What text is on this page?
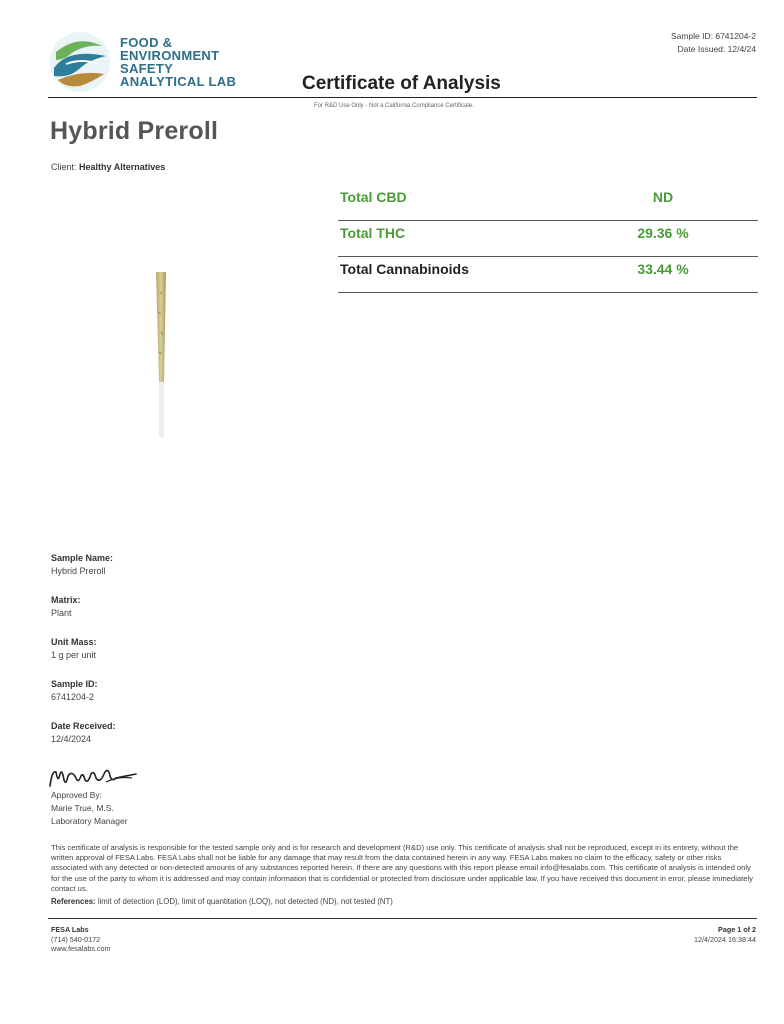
FOOD &
ENVIRONMENT
SAFETY
ANALYTICAL LAB
Sample ID: 6741204-2
Date Issued: 12/4/24
Certificate of Analysis
For R&D Use Only - Not a California Compliance Certificate.
Hybrid Preroll
Client: Healthy Alternatives
Total CBD	ND
Total THC	29.36 %
Total Cannabinoids	33.44 %
Sample Name:
Hybrid Preroll
Matrix:
Plant
Unit Mass:
1 g per unit
Sample ID:
6741204-2
Date Received:
12/4/2024
Approved By:
Marie True, M.S.
Laboratory Manager
This certificate of analysis is responsible for the tested sample only and is for research and development (R&D) use only. This certificate of analysis shall not be reproduced, except in its entirety, without the written approval of FESA Labs. FESA Labs shall not be liable for any damage that may result from the data contained herein in any way. FESA Labs makes no claim to the efficacy, safety or other risks associated with any detected or non-detected amounts of any substances reported herein. If there are any questions with this report please email info@fesalabs.com. This certificate of analysis is intended only for the use of the party to whom it is addressed and may contain information that is confidential or protected from disclosure under applicable law. If you have received this document in error, please immediately contact us.
References: limit of detection (LOD), limit of quantitation (LOQ), not detected (ND), not tested (NT)
FESA Labs
(714) 540-0172
www.fesalabs.com
Page 1 of 2
12/4/2024 16:38:44
